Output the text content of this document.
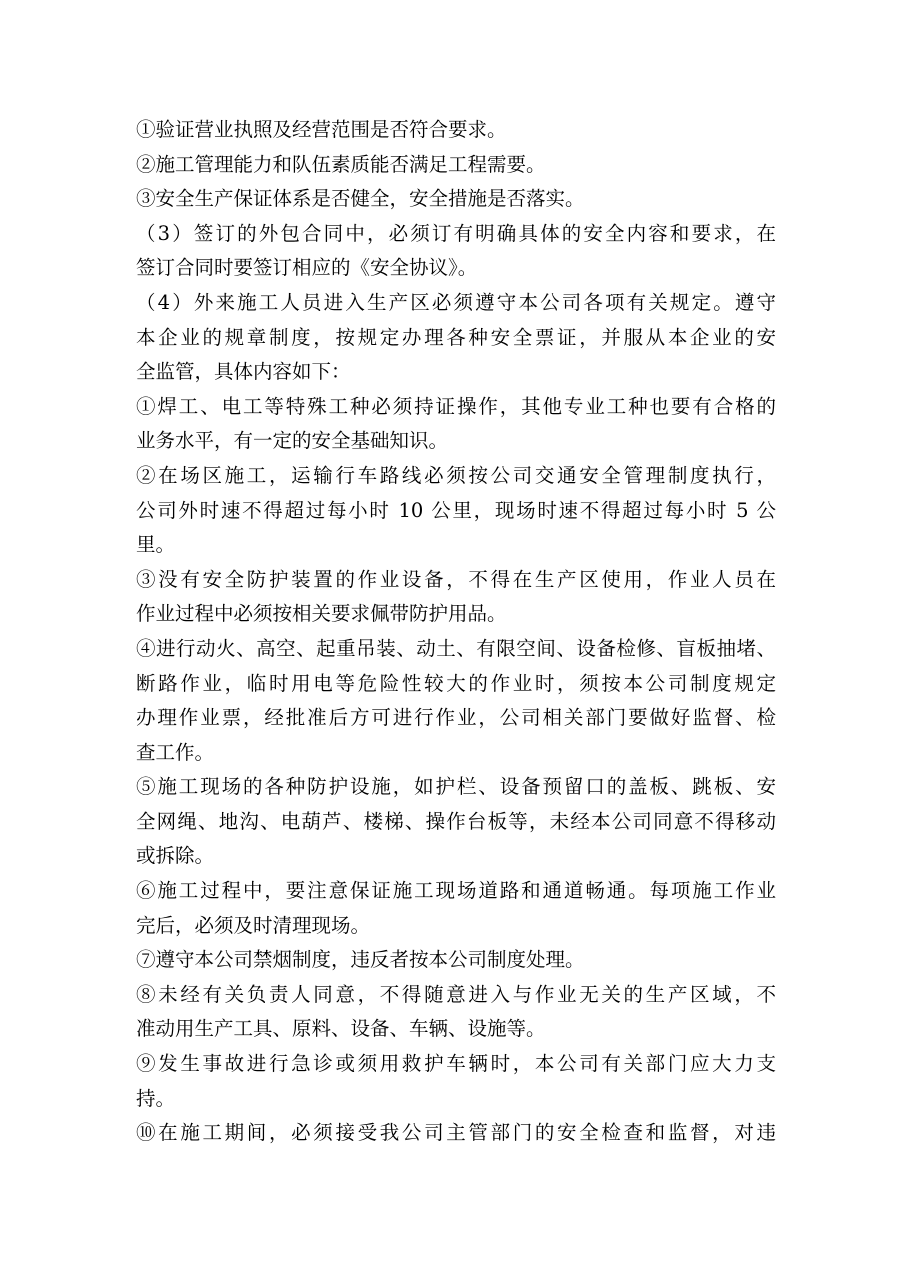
①验证营业执照及经营范围是否符合要求。
②施工管理能力和队伍素质能否满足工程需要。
③安全生产保证体系是否健全，安全措施是否落实。
（3）签订的外包合同中，必须订有明确具体的安全内容和要求，在
签订合同时要签订相应的《安全协议》。
（4）外来施工人员进入生产区必须遵守本公司各项有关规定。遵守
本企业的规章制度，按规定办理各种安全票证，并服从本企业的安
全监管，具体内容如下：
①焊工、电工等特殊工种必须持证操作，其他专业工种也要有合格的
业务水平，有一定的安全基础知识。
②在场区施工，运输行车路线必须按公司交通安全管理制度执行，
公司外时速不得超过每小时 10 公里，现场时速不得超过每小时 5 公
里。
③没有安全防护装置的作业设备，不得在生产区使用，作业人员在
作业过程中必须按相关要求佩带防护用品。
④进行动火、高空、起重吊装、动土、有限空间、设备检修、盲板抽堵、
断路作业，临时用电等危险性较大的作业时，须按本公司制度规定
办理作业票，经批准后方可进行作业，公司相关部门要做好监督、检
查工作。
⑤施工现场的各种防护设施，如护栏、设备预留口的盖板、跳板、安
全网绳、地沟、电葫芦、楼梯、操作台板等，未经本公司同意不得移动
或拆除。
⑥施工过程中，要注意保证施工现场道路和通道畅通。每项施工作业
完后，必须及时清理现场。
⑦遵守本公司禁烟制度，违反者按本公司制度处理。
⑧未经有关负责人同意，不得随意进入与作业无关的生产区域，不
准动用生产工具、原料、设备、车辆、设施等。
⑨发生事故进行急诊或须用救护车辆时，本公司有关部门应大力支
持。
⑩在施工期间，必须接受我公司主管部门的安全检查和监督，对违
